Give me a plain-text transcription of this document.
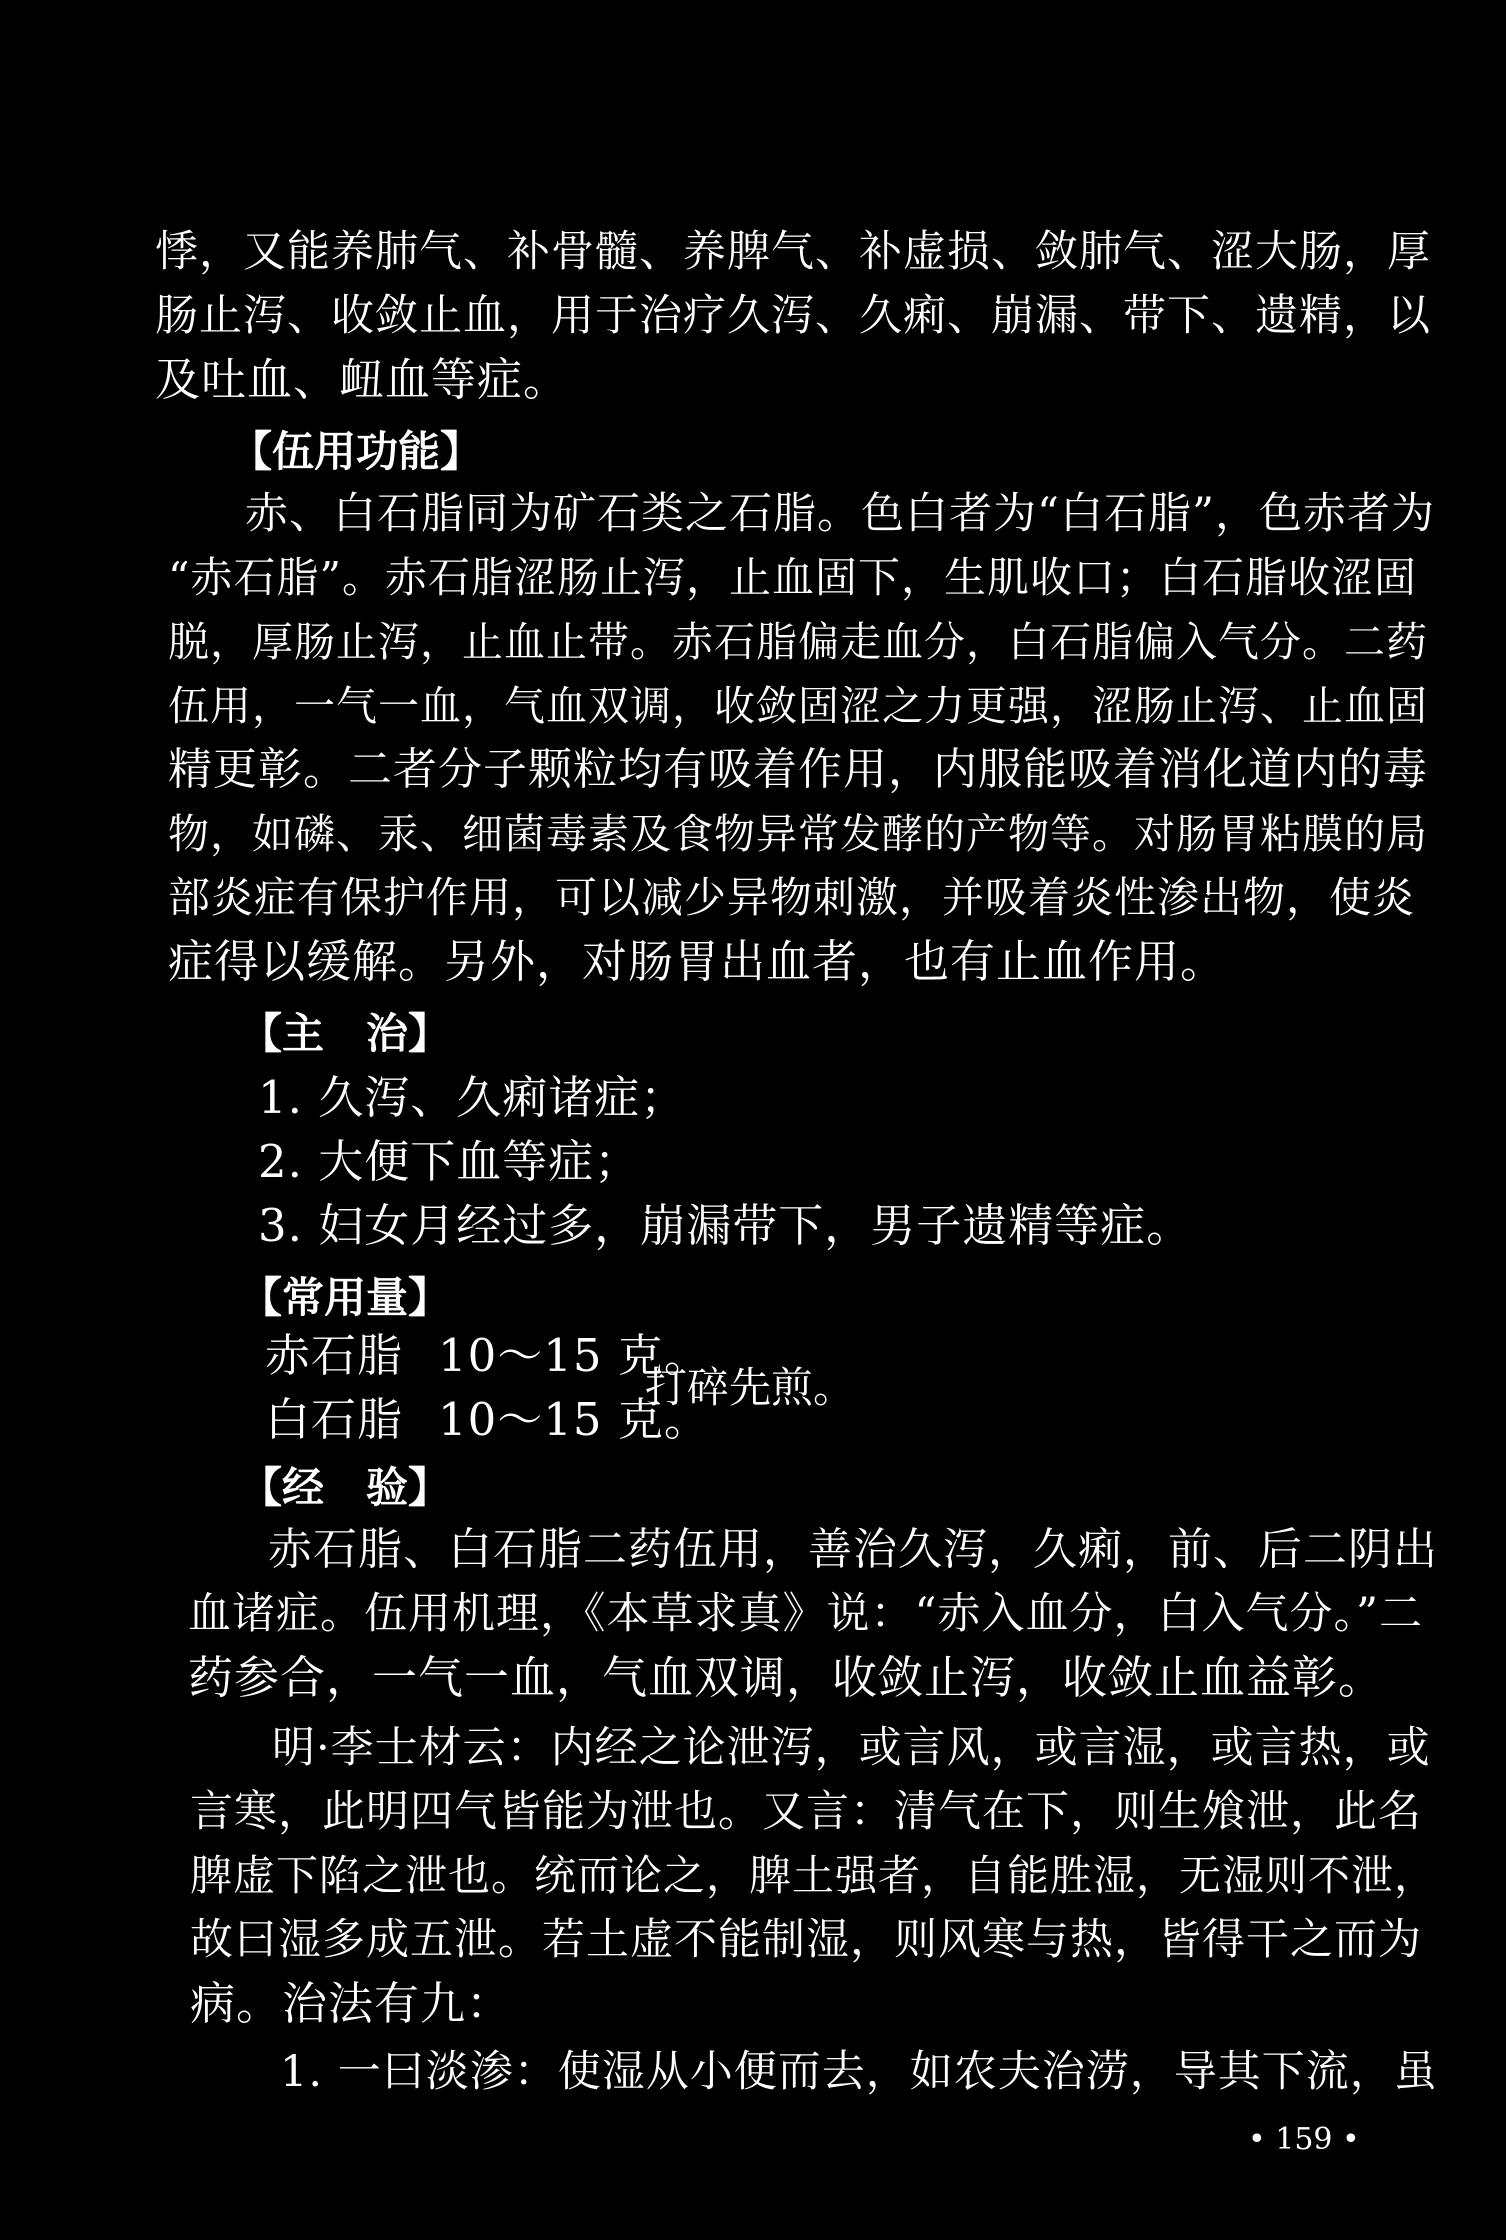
悸，又能养肺气、补骨髓、养脾气、补虚损、敛肺气、涩大肠，厚
肠止泻、收敛止血，用于治疗久泻、久痢、崩漏、带下、遗精，以
及吐血、衄血等症。
【伍用功能】
赤、白石脂同为矿石类之石脂。色白者为“白石脂”，色赤者为
“赤石脂”。赤石脂涩肠止泻，止血固下，生肌收口；白石脂收涩固
脱，厚肠止泻，止血止带。赤石脂偏走血分，白石脂偏入气分。二药
伍用，一气一血，气血双调，收敛固涩之力更强，涩肠止泻、止血固
精更彰。二者分子颗粒均有吸着作用，内服能吸着消化道内的毒
物，如磷、汞、细菌毒素及食物异常发酵的产物等。对肠胃粘膜的局
部炎症有保护作用，可以减少异物刺激，并吸着炎性渗出物，使炎
症得以缓解。另外，对肠胃出血者，也有止血作用。
【主　治】
1. 久泻、久痢诸症；
2. 大便下血等症；
3. 妇女月经过多，崩漏带下，男子遗精等症。
【常用量】
赤石脂 10～15 克。
白石脂 10～15 克。
打碎先煎。
【经　验】
赤石脂、白石脂二药伍用，善治久泻，久痢，前、后二阴出
血诸症。伍用机理，《本草求真》说：“赤入血分，白入气分。”二
药参合，一气一血，气血双调，收敛止泻，收敛止血益彰。
明·李士材云：内经之论泄泻，或言风，或言湿，或言热，或
言寒，此明四气皆能为泄也。又言：清气在下，则生飧泄，此名
脾虚下陷之泄也。统而论之，脾土强者，自能胜湿，无湿则不泄，
故曰湿多成五泄。若土虚不能制湿，则风寒与热，皆得干之而为
病。治法有九：
1. 一曰淡渗：使湿从小便而去，如农夫治涝，导其下流，虽
• 159 •
